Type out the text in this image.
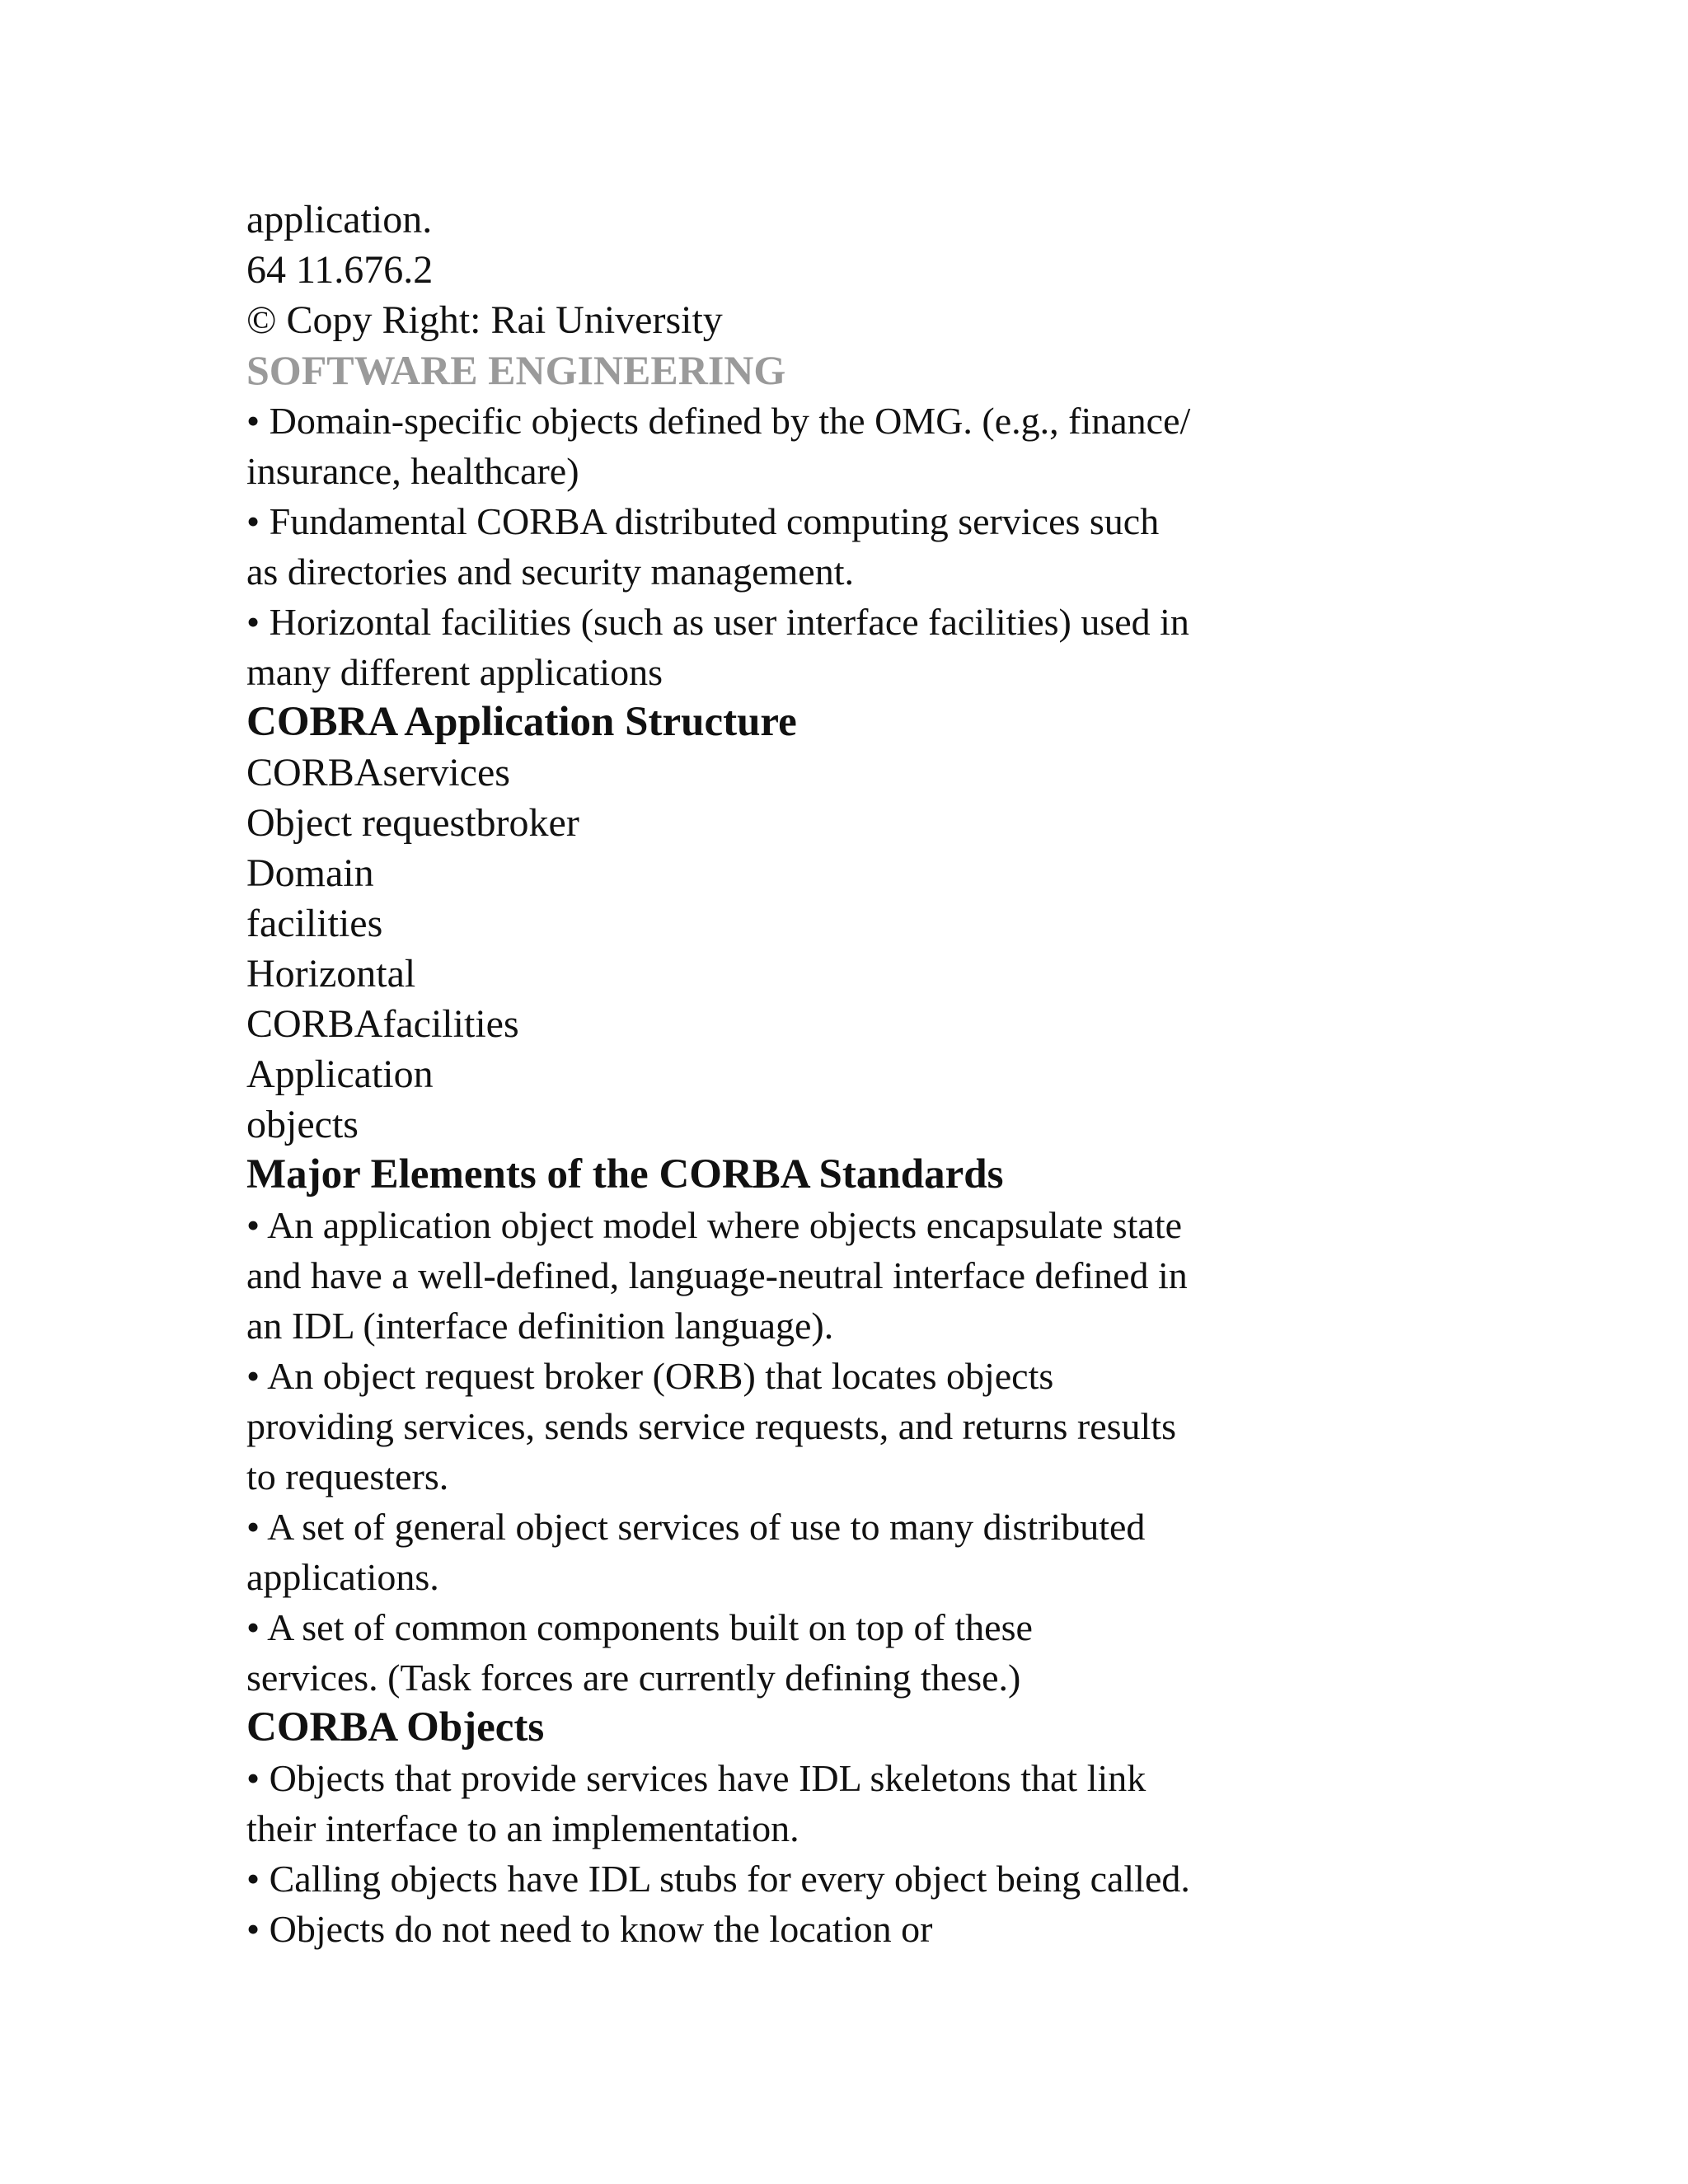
application.
64 11.676.2
© Copy Right: Rai University
SOFTWARE ENGINEERING
• Domain-specific objects defined by the OMG. (e.g., finance/
insurance, healthcare)
• Fundamental CORBA distributed computing services such
as directories and security management.
• Horizontal facilities (such as user interface facilities) used in
many different applications
COBRA Application Structure
CORBAservices
Object requestbroker
Domain
facilities
Horizontal
CORBAfacilities
Application
objects
Major Elements of the CORBA Standards
• An application object model where objects encapsulate state
and have a well-defined, language-neutral interface defined in
an IDL (interface definition language).
• An object request broker (ORB) that locates objects
providing services, sends service requests, and returns results
to requesters.
• A set of general object services of use to many distributed
applications.
• A set of common components built on top of these
services. (Task forces are currently defining these.)
CORBA Objects
• Objects that provide services have IDL skeletons that link
their interface to an implementation.
• Calling objects have IDL stubs for every object being called.
• Objects do not need to know the location or
